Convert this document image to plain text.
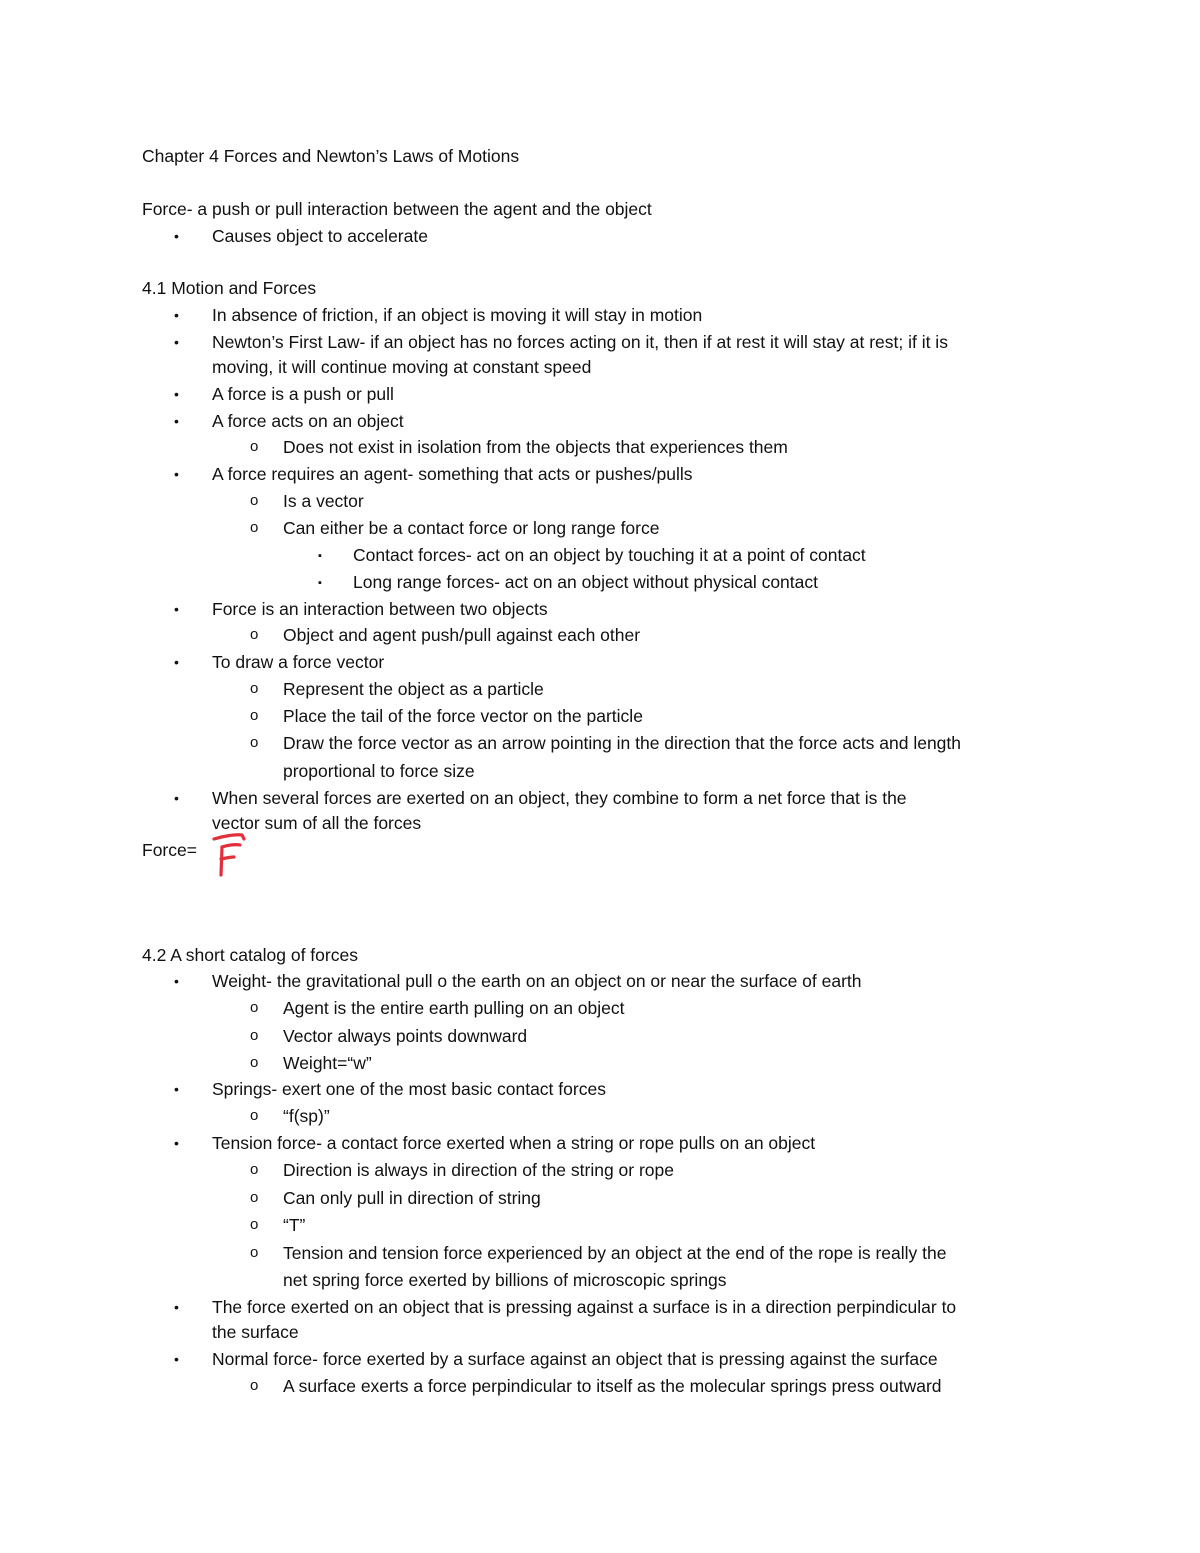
Chapter 4 Forces and Newton’s Laws of Motions
Force- a push or pull interaction between the agent and the object
• Causes object to accelerate
4.1 Motion and Forces
• In absence of friction, if an object is moving it will stay in motion
• Newton’s First Law- if an object has no forces acting on it, then if at rest it will stay at rest; if it is
moving, it will continue moving at constant speed
• A force is a push or pull
• A force acts on an object
o Does not exist in isolation from the objects that experiences them
• A force requires an agent- something that acts or pushes/pulls
o Is a vector
o Can either be a contact force or long range force
▪ Contact forces- act on an object by touching it at a point of contact
▪ Long range forces- act on an object without physical contact
• Force is an interaction between two objects
o Object and agent push/pull against each other
• To draw a force vector
o Represent the object as a particle
o Place the tail of the force vector on the particle
o Draw the force vector as an arrow pointing in the direction that the force acts and length
proportional to force size
• When several forces are exerted on an object, they combine to form a net force that is the
vector sum of all the forces
Force=
4.2 A short catalog of forces
• Weight- the gravitational pull o the earth on an object on or near the surface of earth
o Agent is the entire earth pulling on an object
o Vector always points downward
o Weight=“w”
• Springs- exert one of the most basic contact forces
o “f(sp)”
• Tension force- a contact force exerted when a string or rope pulls on an object
o Direction is always in direction of the string or rope
o Can only pull in direction of string
o “T”
o Tension and tension force experienced by an object at the end of the rope is really the
net spring force exerted by billions of microscopic springs
• The force exerted on an object that is pressing against a surface is in a direction perpindicular to
the surface
• Normal force- force exerted by a surface against an object that is pressing against the surface
o A surface exerts a force perpindicular to itself as the molecular springs press outward
